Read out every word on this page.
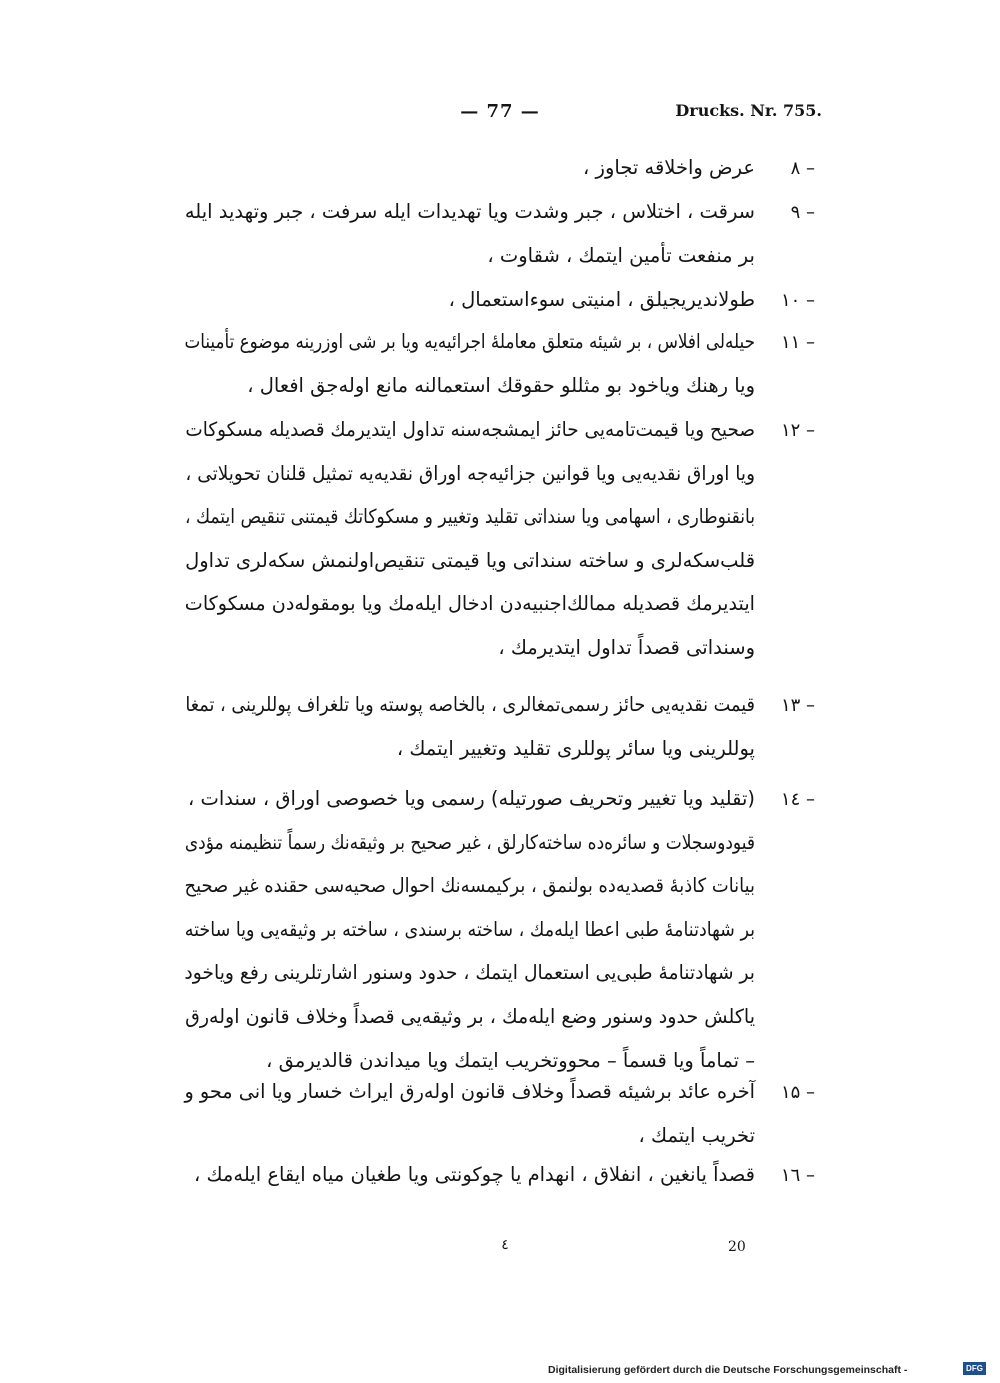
— 77 —	Drucks. Nr. 755.
۸ –
عرض واخلاقه تجاوز ،
۹ –
سرقت ، اختلاس ، جبر وشدت ویا تهدیدات ایله سرفت ، جبر وتهدید ایله
بر منفعت تأمین ایتمك ، شقاوت ،
۱۰ –
طولاندیریجیلق ، امنیتی سوءاستعمال ،
۱۱ –
حیله‌لی افلاس ، بر شیئه متعلق معامله‌ٔ اجرائیه‌یه ویا بر شی اوزرینه موضوع تأمینات
ویا رهنك ویاخود بو مثللو حقوقك استعمالنه مانع اوله‌جق افعال ،
۱۲ –
صحیح ویا قیمت‌تامه‌یی حائز ایمشجه‌سنه تداول ایتدیرمك قصدیله مسکوکات
ویا اوراق نقدیه‌یی ویا قوانین جزائیه‌جه اوراق نقدیه‌یه تمثیل قلنان تحویلاتی ،
بانقنوطاری ، اسهامی ویا سنداتی تقلید وتغییر و مسکوکاتك قیمتنی تنقیص ایتمك ،
قلب‌سکه‌لری و ساخته سنداتی ویا قیمتی تنقیص‌اولنمش سکه‌لری تداول
ایتدیرمك قصدیله ممالك‌اجنبیه‌دن ادخال ایله‌مك ویا بومقوله‌دن مسکوکات
وسنداتی قصداً تداول ایتدیرمك ،
۱۳ –
قیمت نقدیه‌یی حائز رسمی‌تمغالری ، بالخاصه پوسته ویا تلغراف پوللرینی ، تمغا
پوللرینی ویا سائر پوللری تقلید وتغییر ایتمك ،
۱٤ –
(تقلید ویا تغییر وتحریف صورتیله) رسمی ویا خصوصی اوراق ، سندات ،
قیودوسجلات و سائره‌ده ساخته‌كارلق ، غیر صحیح بر وثیقه‌نك رسماً تنظیمنه مؤدی
بیانات كاذبهٔ قصدیه‌ده بولنمق ، بركیمسه‌نك احوال صحیه‌سی حقنده غیر صحیح
بر شهادتنامهٔ طبی اعطا ایله‌مك ، ساخته برسندی ، ساخته بر وثیقه‌یی ویا ساخته
بر شهادتنامهٔ طبی‌یی استعمال ایتمك ، حدود وسنور اشارتلرینی رفع ویاخود
یاكلش حدود وسنور وضع ایله‌مك ، بر وثیقه‌یی قصداً وخلاف قانون اوله‌رق
– تماماً ویا قسماً – محووتخریب ایتمك ویا میداندن قالدیرمق ،
۱۵ –
آخره عائد برشیئه قصداً وخلاف قانون اوله‌رق ایراث خسار ویا انی محو و
تخریب ایتمك ،
۱٦ –
قصداً یانغین ، انفلاق ، انهدام یا چوكونتی ویا طغیان میاه ایقاع ایله‌مك ،
٤	20
Digitalisierung gefördert durch die Deutsche Forschungsgemeinschaft -	DFG
